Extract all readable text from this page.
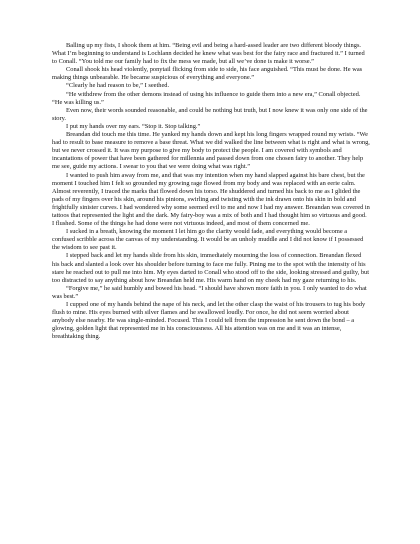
Balling up my fists, I shook them at him. “Being evil and being a hard-assed leader are two different bloody things. What I’m beginning to understand is Lochlann decided he knew what was best for the fairy race and fractured it.” I turned to Conall. “You told me our family had to fix the mess we made, but all we’ve done is make it worse.”

Conall shook his head violently, ponytail flicking from side to side, his face anguished. “This must be done. He was making things unbearable. He became suspicious of everything and everyone.”

“Clearly he had reason to be,” I seethed.

“He withdrew from the other demons instead of using his influence to guide them into a new era,” Conall objected. “He was killing us.”

Even now, their words sounded reasonable, and could be nothing but truth, but I now knew it was only one side of the story.

I put my hands over my ears. “Stop it. Stop talking.”

Breandan did touch me this time. He yanked my hands down and kept his long fingers wrapped round my wrists. “We had to result to base measure to remove a base threat. What we did walked the line between what is right and what is wrong, but we never crossed it. It was my purpose to give my body to protect the people. I am covered with symbols and incantations of power that have been gathered for millennia and passed down from one chosen fairy to another. They help me see, guide my actions. I swear to you that we were doing what was right.”

I wanted to push him away from me, and that was my intention when my hand slapped against his bare chest, but the moment I touched him I felt so grounded my growing rage flowed from my body and was replaced with an eerie calm. Almost reverently, I traced the marks that flowed down his torso. He shuddered and turned his back to me as I glided the pads of my fingers over his skin, around his pinions, swirling and twisting with the ink drawn onto his skin in bold and frightfully sinister curves. I had wondered why some seemed evil to me and now I had my answer. Breandan was covered in tattoos that represented the light and the dark. My fairy-boy was a mix of both and I had thought him so virtuous and good. I flushed. Some of the things he had done were not virtuous indeed, and most of them concerned me.

I sucked in a breath, knowing the moment I let him go the clarity would fade, and everything would become a confused scribble across the canvas of my understanding. It would be an unholy muddle and I did not know if I possessed the wisdom to see past it.

I stepped back and let my hands slide from his skin, immediately mourning the loss of connection. Breandan flexed his back and slanted a look over his shoulder before turning to face me fully. Pining me to the spot with the intensity of his stare he reached out to pull me into him. My eyes darted to Conall who stood off to the side, looking stressed and guilty, but too distracted to say anything about how Breandan held me. His warm hand on my cheek had my gaze returning to his.

“Forgive me,” he said humbly and bowed his head. “I should have shown more faith in you. I only wanted to do what was best.”

I cupped one of my hands behind the nape of his neck, and let the other clasp the waist of his trousers to tug his body flush to mine. His eyes burned with silver flames and he swallowed loudly. For once, he did not seem worried about anybody else nearby. He was single-minded. Focused. This I could tell from the impression he sent down the bond – a glowing, golden light that represented me in his consciousness. All his attention was on me and it was an intense, breathtaking thing.
